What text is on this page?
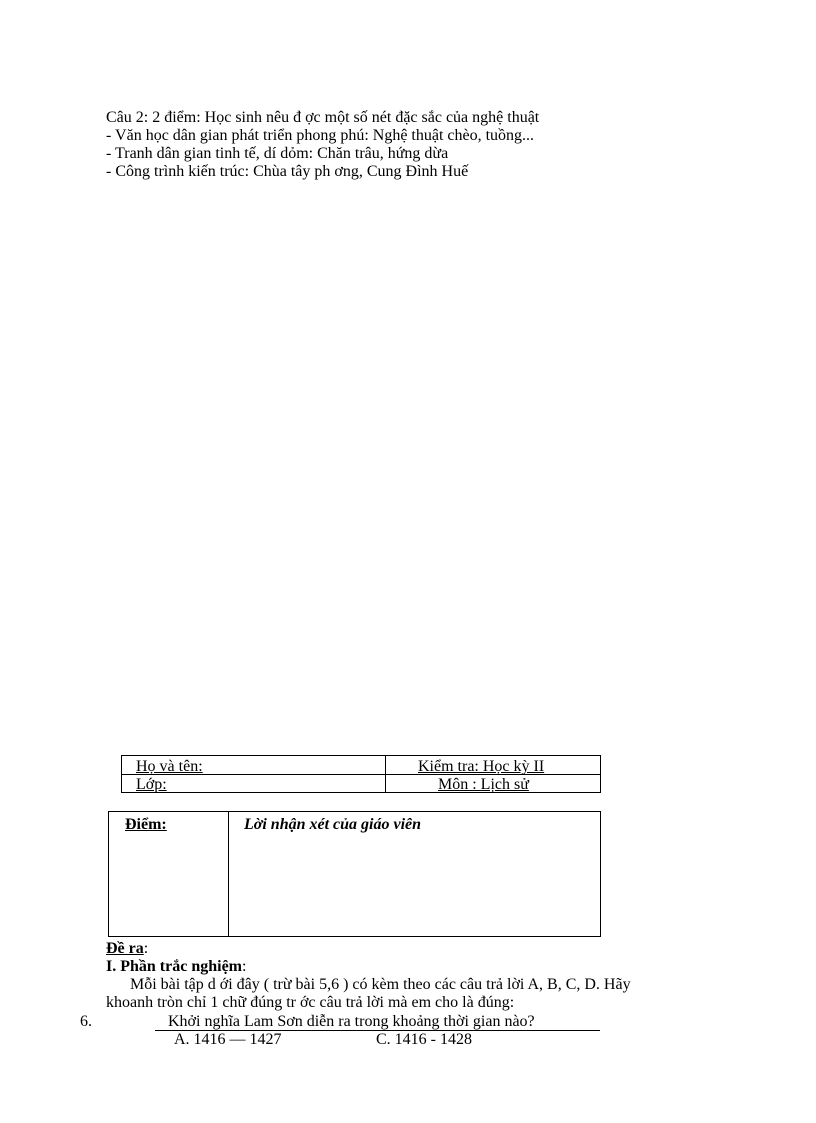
Câu 2: 2 điểm: Học sinh nêu đ ợc một số nét đặc sắc của nghệ thuật
- Văn học dân gian phát triển phong phú: Nghệ thuật chèo, tuồng...
- Tranh dân gian tinh tế, dí dỏm: Chăn trâu, hứng dừa
- Công trình kiến trúc: Chùa tây ph ơng, Cung Đình Huế
Họ và tên:	Kiểm tra: Học kỳ II
Lớp:	Môn : Lịch sử
Điểm:	Lời nhận xét của giáo viên
Đề ra:
I. Phần trắc nghiệm:
Mỗi bài tập d ới đây ( trừ bài 5,6 ) có kèm theo các câu trả lời A, B, C, D. Hãy
khoanh tròn chỉ 1 chữ đúng tr ớc câu trả lời mà em cho là đúng:
6.	Khởi nghĩa Lam Sơn diễn ra trong khoảng thời gian nào?
A. 1416 — 1427	C. 1416 - 1428
